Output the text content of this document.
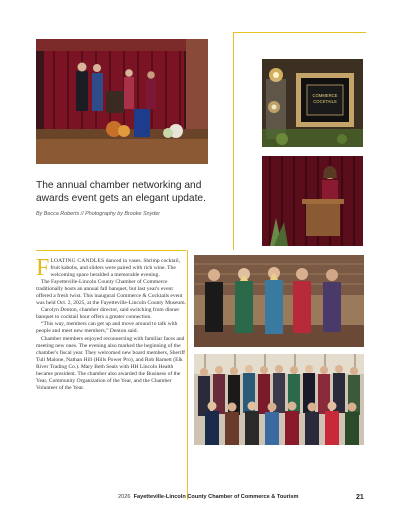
COMMERCE
COCKTAILS
The annual chamber networking and awards event gets an elegant update.
By Becca Roberts // Photography by Brooke Snyder

FLOATING CANDLES danced in vases. Shrimp cocktail, fruit kabobs, and sliders were paired with rich wine. The welcoming space heralded a memorable evening.

The Fayetteville-Lincoln County Chamber of Commerce traditionally hosts an annual fall banquet, but last year's event offered a fresh twist. This inaugural Commerce & Cocktails event was held Oct. 2, 2025, at the Fayetteville-Lincoln County Museum.

Carolyn Denton, chamber director, said switching from dinner banquet to cocktail hour offers a greater connection.

“This way, members can get up and move around to talk with people and meet new members,” Denton said.

Chamber members enjoyed reconnecting with familiar faces and meeting new ones. The evening also marked the beginning of the chamber's fiscal year. They welcomed new board members, Sheriff Tull Malone, Nathan Hill (Hills Power Pro), and Rob Barnett (Elk River Trading Co.). Mary Beth Seals with HH Lincoln Health became president. The chamber also awarded the Business of the Year, Community Organization of the Year, and the Chamber Volunteer of the Year.

2026 Fayetteville-Lincoln County Chamber of Commerce & Tourism	21
